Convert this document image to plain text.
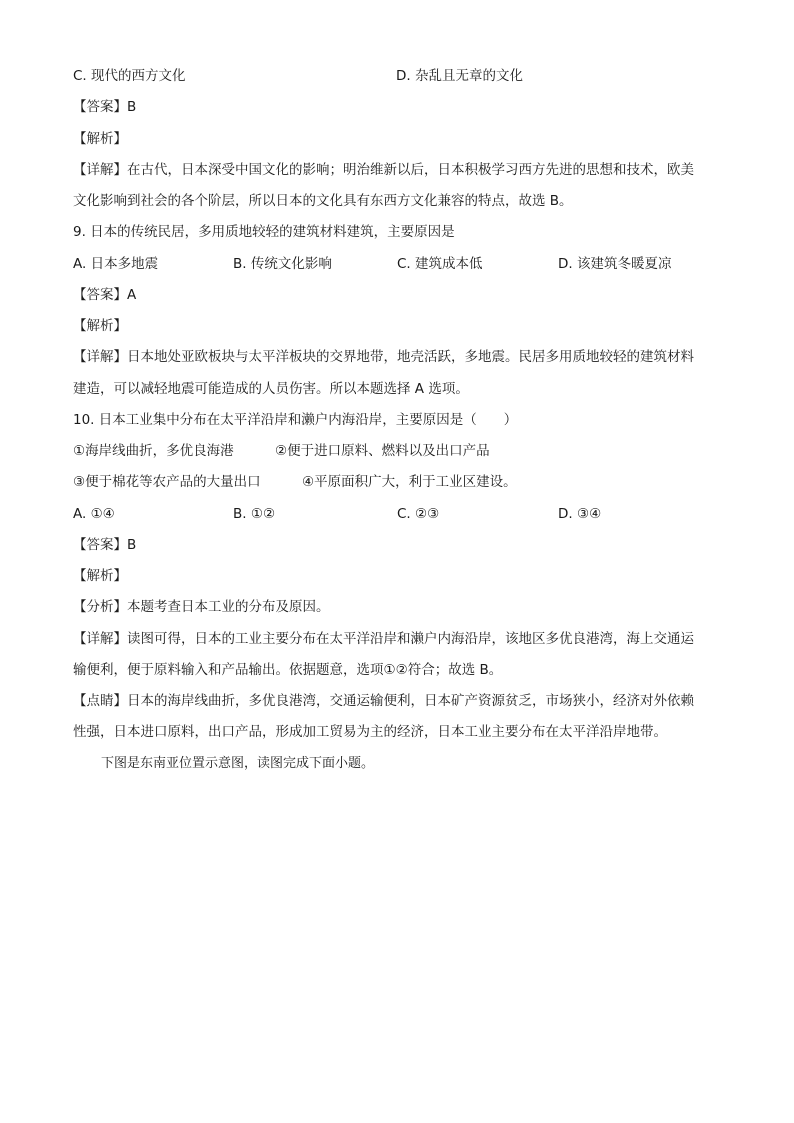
C. 现代的西方文化	D. 杂乱且无章的文化
【答案】B
【解析】
【详解】在古代，日本深受中国文化的影响；明治维新以后，日本积极学习西方先进的思想和技术，欧美
文化影响到社会的各个阶层，所以日本的文化具有东西方文化兼容的特点，故选 B。
9. 日本的传统民居，多用质地较轻的建筑材料建筑，主要原因是
A. 日本多地震	B. 传统文化影响	C. 建筑成本低	D. 该建筑冬暖夏凉
【答案】A
【解析】
【详解】日本地处亚欧板块与太平洋板块的交界地带，地壳活跃，多地震。民居多用质地较轻的建筑材料
建造，可以减轻地震可能造成的人员伤害。所以本题选择 A 选项。
10. 日本工业集中分布在太平洋沿岸和濑户内海沿岸，主要原因是（　　）
①海岸线曲折，多优良海港	②便于进口原料、燃料以及出口产品
③便于棉花等农产品的大量出口	④平原面积广大，利于工业区建设。
A. ①④	B. ①②	C. ②③	D. ③④
【答案】B
【解析】
【分析】本题考查日本工业的分布及原因。
【详解】读图可得，日本的工业主要分布在太平洋沿岸和濑户内海沿岸，该地区多优良港湾，海上交通运
输便利，便于原料输入和产品输出。依据题意，选项①②符合；故选 B。
【点睛】日本的海岸线曲折，多优良港湾，交通运输便利，日本矿产资源贫乏，市场狭小，经济对外依赖
性强，日本进口原料，出口产品，形成加工贸易为主的经济，日本工业主要分布在太平洋沿岸地带。
下图是东南亚位置示意图，读图完成下面小题。
